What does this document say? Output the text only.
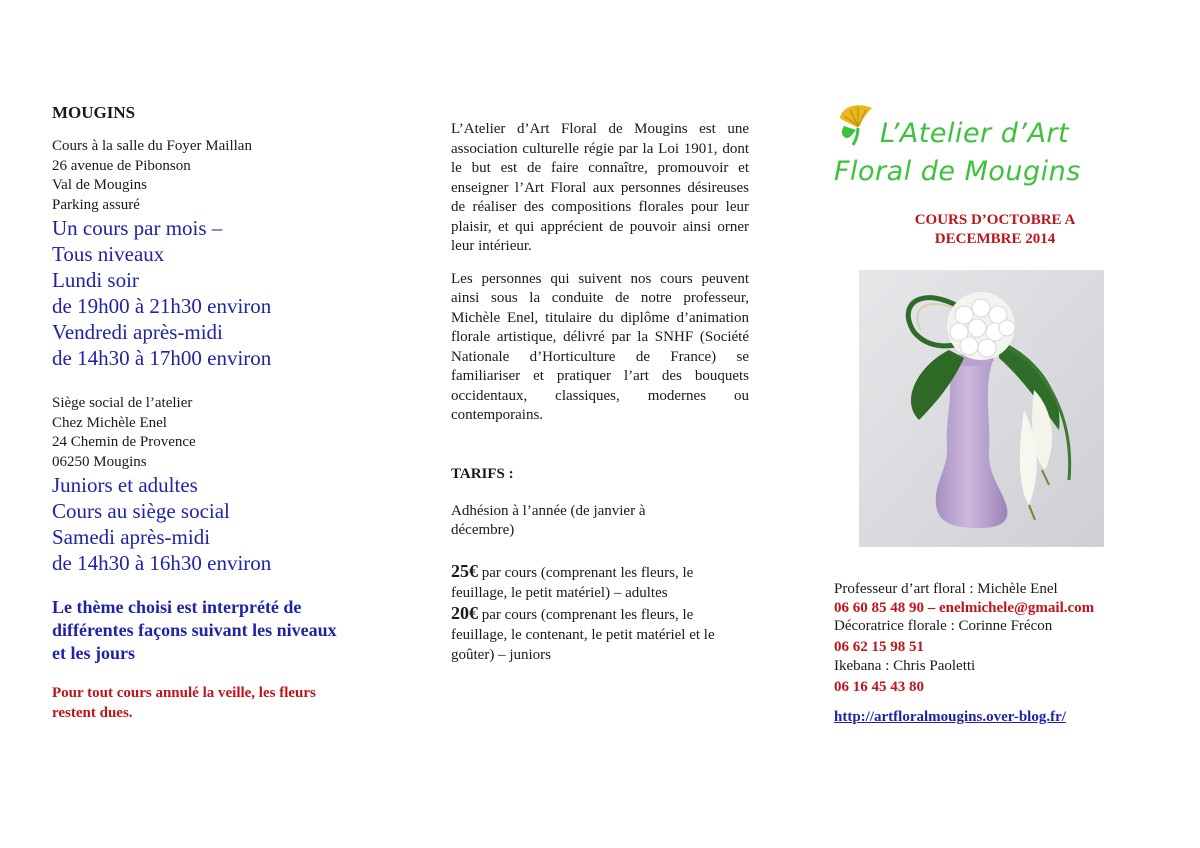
MOUGINS
Cours à la salle du Foyer Maillan
26 avenue de Pibonson
Val de Mougins
Parking assuré
Un cours par mois –
Tous niveaux
Lundi soir
de 19h00 à 21h30 environ
Vendredi après-midi
de 14h30 à 17h00 environ
Siège social de l’atelier
Chez Michèle Enel
24 Chemin de Provence
06250 Mougins
Juniors et adultes
Cours au siège social
Samedi après-midi
de 14h30 à 16h30 environ
Le thème choisi est interprété de différentes façons suivant les niveaux et les jours
Pour tout cours annulé la veille, les fleurs restent dues.

L’Atelier d’Art Floral de Mougins est une association culturelle régie par la Loi 1901, dont le but est de faire connaître, promouvoir et enseigner l’Art Floral aux personnes désireuses de réaliser des compositions florales pour leur plaisir, et qui apprécient de pouvoir ainsi orner leur intérieur.

Les personnes qui suivent nos cours peuvent ainsi sous la conduite de notre professeur, Michèle Enel, titulaire du diplôme d’animation florale artistique, délivré par la SNHF (Société Nationale d’Horticulture de France) se familiariser et pratiquer l’art des bouquets occidentaux, classiques, modernes ou contemporains.

TARIFS :
Adhésion à l’année (de janvier à décembre)
25€ par cours (comprenant les fleurs, le feuillage, le petit matériel) – adultes
20€ par cours (comprenant les fleurs, le feuillage, le contenant, le petit matériel et le goûter) – juniors
L’Atelier d’Art
Floral de Mougins
COURS D’OCTOBRE A
DECEMBRE 2014
Professeur d’art floral : Michèle Enel
06 60 85 48 90 – enelmichele@gmail.com
Décoratrice florale : Corinne Frécon
06 62 15 98 51
Ikebana : Chris Paoletti
06 16 45 43 80
http://artfloralmougins.over-blog.fr/
